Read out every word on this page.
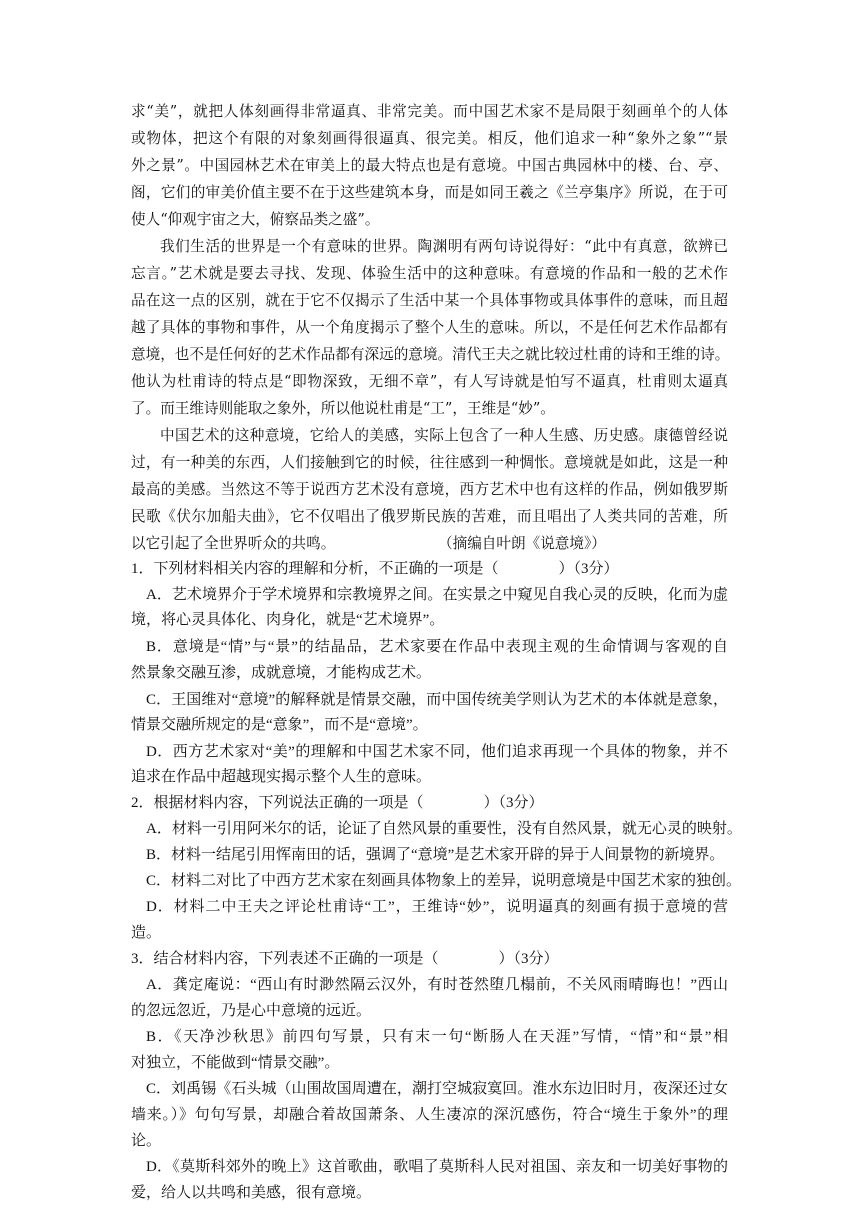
求“美”，就把人体刻画得非常逼真、非常完美。而中国艺术家不是局限于刻画单个的人体
或物体，把这个有限的对象刻画得很逼真、很完美。相反，他们追求一种“象外之象”“景
外之景”。中国园林艺术在审美上的最大特点也是有意境。中国古典园林中的楼、台、亭、
阁，它们的审美价值主要不在于这些建筑本身，而是如同王羲之《兰亭集序》所说，在于可
使人“仰观宇宙之大，俯察品类之盛”。
我们生活的世界是一个有意味的世界。陶渊明有两句诗说得好：“此中有真意，欲辨已
忘言。”艺术就是要去寻找、发现、体验生活中的这种意味。有意境的作品和一般的艺术作
品在这一点的区别，就在于它不仅揭示了生活中某一个具体事物或具体事件的意味，而且超
越了具体的事物和事件，从一个角度揭示了整个人生的意味。所以，不是任何艺术作品都有
意境，也不是任何好的艺术作品都有深远的意境。清代王夫之就比较过杜甫的诗和王维的诗。
他认为杜甫诗的特点是“即物深致，无细不章”，有人写诗就是怕写不逼真，杜甫则太逼真
了。而王维诗则能取之象外，所以他说杜甫是“工”，王维是“妙”。
中国艺术的这种意境，它给人的美感，实际上包含了一种人生感、历史感。康德曾经说
过，有一种美的东西，人们接触到它的时候，往往感到一种惆怅。意境就是如此，这是一种
最高的美感。当然这不等于说西方艺术没有意境，西方艺术中也有这样的作品，例如俄罗斯
民歌《伏尔加船夫曲》，它不仅唱出了俄罗斯民族的苦难，而且唱出了人类共同的苦难，所
以它引起了全世界听众的共鸣。	（摘编自叶朗《说意境》）
1．下列材料相关内容的理解和分析，不正确的一项是（　　　　）（3分）
A．艺术境界介于学术境界和宗教境界之间。在实景之中窥见自我心灵的反映，化而为虚
境，将心灵具体化、肉身化，就是“艺术境界”。
B．意境是“情”与“景”的结晶品，艺术家要在作品中表现主观的生命情调与客观的自
然景象交融互渗，成就意境，才能构成艺术。
C．王国维对“意境”的解释就是情景交融，而中国传统美学则认为艺术的本体就是意象，
情景交融所规定的是“意象”，而不是“意境”。
D．西方艺术家对“美”的理解和中国艺术家不同，他们追求再现一个具体的物象，并不
追求在作品中超越现实揭示整个人生的意味。
2．根据材料内容，下列说法正确的一项是（　　　　）（3分）
A．材料一引用阿米尔的话，论证了自然风景的重要性，没有自然风景，就无心灵的映射。
B．材料一结尾引用恽南田的话，强调了“意境”是艺术家开辟的异于人间景物的新境界。
C．材料二对比了中西方艺术家在刻画具体物象上的差异，说明意境是中国艺术家的独创。
D．材料二中王夫之评论杜甫诗“工”，王维诗“妙”，说明逼真的刻画有损于意境的营
造。
3．结合材料内容，下列表述不正确的一项是（　　　　）（3分）
A．龚定庵说：“西山有时渺然隔云汉外，有时苍然堕几榻前，不关风雨晴晦也！”西山
的忽远忽近，乃是心中意境的远近。
B．《天净沙秋思》前四句写景，只有末一句“断肠人在天涯”写情，“情”和“景”相
对独立，不能做到“情景交融”。
C．刘禹锡《石头城（山围故国周遭在，潮打空城寂寞回。淮水东边旧时月，夜深还过女
墙来。）》句句写景，却融合着故国萧条、人生凄凉的深沉感伤，符合“境生于象外”的理
论。
D．《莫斯科郊外的晚上》这首歌曲，歌唱了莫斯科人民对祖国、亲友和一切美好事物的
爱，给人以共鸣和美感，很有意境。
